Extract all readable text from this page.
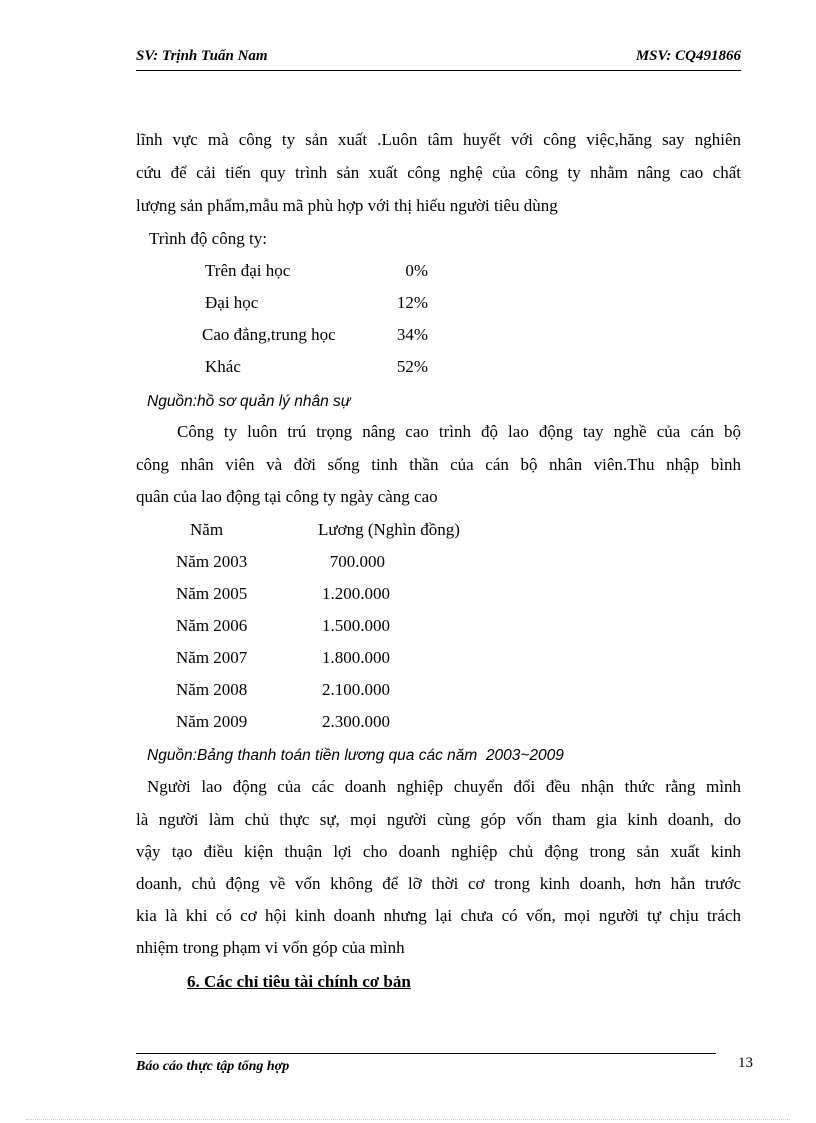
SV: Trịnh Tuấn Nam	MSV: CQ491866
lĩnh vực mà công ty sản xuất .Luôn tâm huyết với công việc,hăng say nghiên
cứu để cải tiến quy trình sản xuất công nghệ của công ty nhằm nâng cao chất
lượng sản phẩm,mẫu mã phù hợp với thị hiếu người tiêu dùng
Trình độ công ty:
Trên đại học	0%
Đại học	12%
Cao đẳng,trung học	34%
Khác	52%
Nguồn:hồ sơ quản lý nhân sự
Công ty luôn trú trọng nâng cao trình độ lao động tay nghề của cán bộ
công nhân viên và đời sống tinh thần của cán bộ nhân viên.Thu nhập bình
quân của lao động tại công ty ngày càng cao
Năm	Lương (Nghìn đồng)
Năm 2003	700.000
Năm 2005	1.200.000
Năm 2006	1.500.000
Năm 2007	1.800.000
Năm 2008	2.100.000
Năm 2009	2.300.000
Nguồn:Bảng thanh toán tiền lương qua các năm  2003~2009
Người lao động của các doanh nghiệp chuyển đổi đều nhận thức rằng mình
là người làm chủ thực sự, mọi người cùng góp vốn tham gia kinh doanh, do
vậy tạo điều kiện thuận lợi cho doanh nghiệp chủ động trong sản xuất kinh
doanh, chủ động về vốn không để lỡ thời cơ trong kinh doanh, hơn hẳn trước
kia là khi có cơ hội kinh doanh nhưng lại chưa có vốn, mọi người tự chịu trách
nhiệm trong phạm vi vốn góp của mình
6. Các chỉ tiêu tài chính cơ bản
Báo cáo thực tập tổng hợp	13
